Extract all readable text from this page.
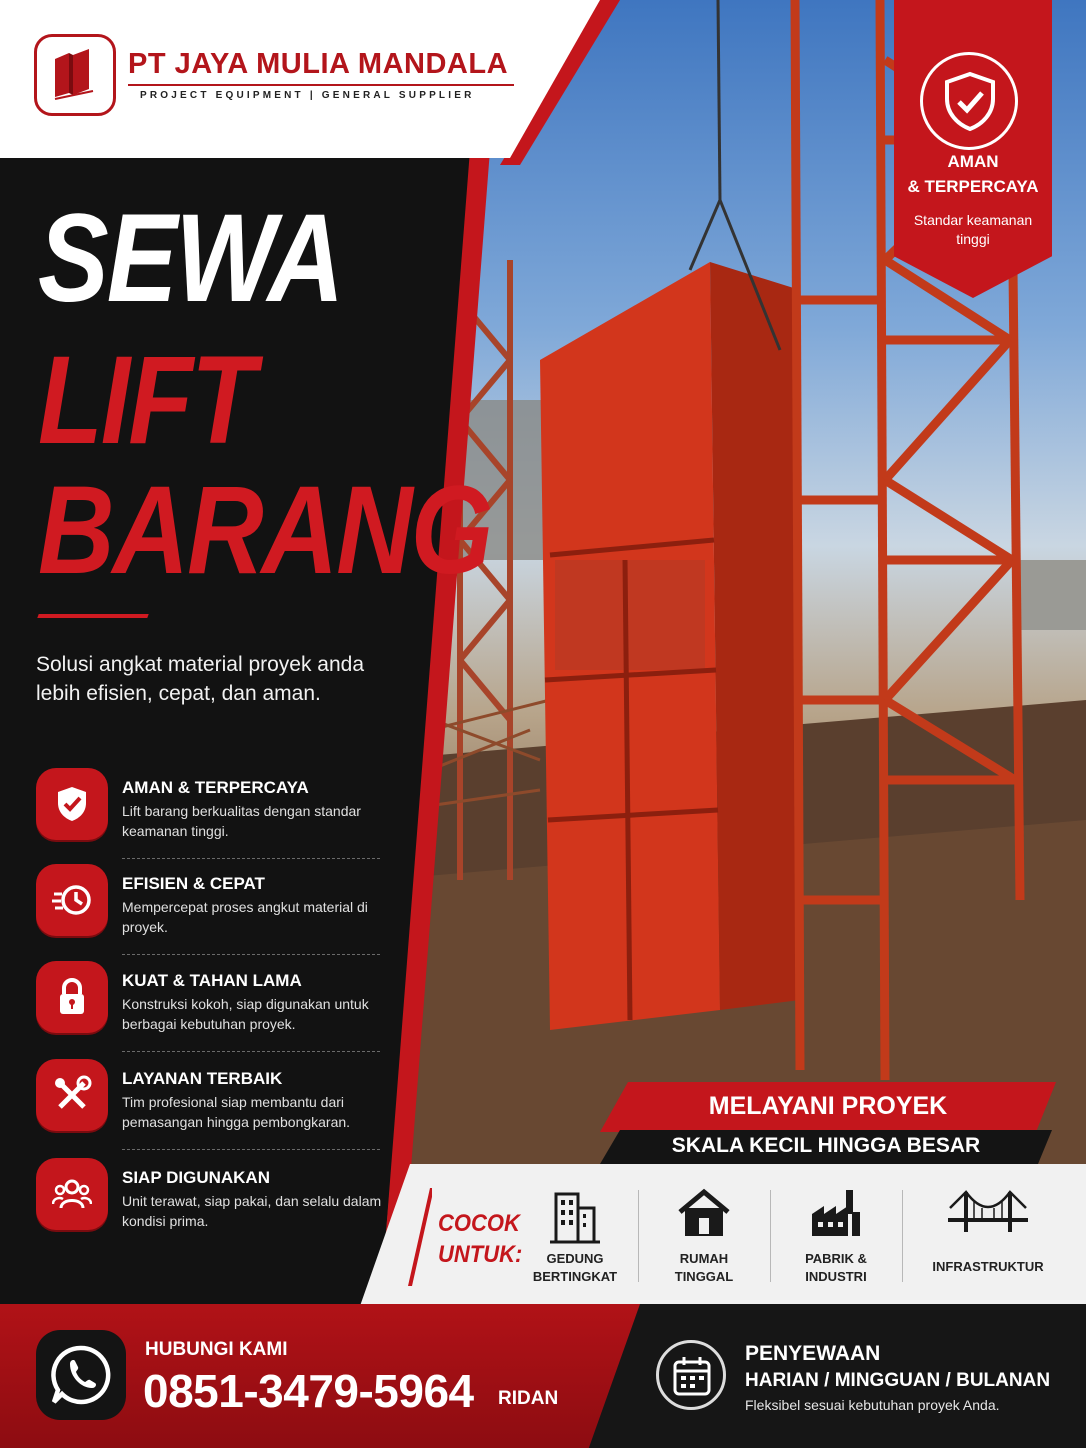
PT JAYA MULIA MANDALA
PROJECT EQUIPMENT | GENERAL SUPPLIER
SEWA
LIFT
BARANG
Solusi angkat material proyek anda lebih efisien, cepat, dan aman.
AMAN & TERPERCAYA
Lift barang berkualitas dengan standar keamanan tinggi.
EFISIEN & CEPAT
Mempercepat proses angkut material di proyek.
KUAT & TAHAN LAMA
Konstruksi kokoh, siap digunakan untuk berbagai kebutuhan proyek.
LAYANAN TERBAIK
Tim profesional siap membantu dari pemasangan hingga pembongkaran.
SIAP DIGUNAKAN
Unit terawat, siap pakai, dan selalu dalam kondisi prima.
AMAN
& TERPERCAYA
Standar keamanan tinggi
MELAYANI PROYEK
SKALA KECIL HINGGA BESAR
COCOK
UNTUK:	GEDUNG BERTINGKAT
RUMAH TINGGAL
PABRIK & INDUSTRI
INFRASTRUKTUR
HUBUNGI KAMI
0851-3479-5964 RIDAN
PENYEWAAN
HARIAN / MINGGUAN / BULANAN
Fleksibel sesuai kebutuhan proyek Anda.
